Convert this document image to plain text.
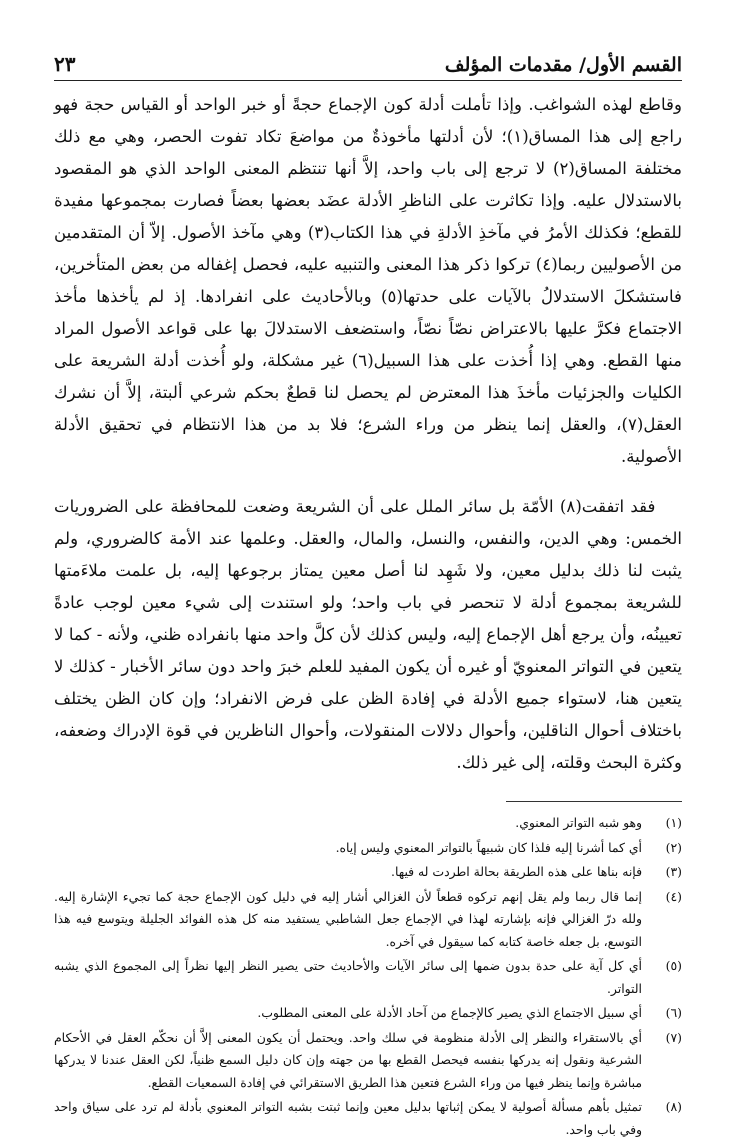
القسم الأول/ مقدمات المؤلف
٢٣

وقاطع لهذه الشواغب. وإذا تأملت أدلة كون الإجماع حجةً أو خبر الواحد أو القياس حجة فهو راجع إلى هذا المساق(١)؛ لأن أدلتها مأخوذةٌ من مواضعَ تكاد تفوت الحصر، وهي مع ذلك مختلفة المساق(٢) لا ترجع إلى باب واحد، إلاَّ أنها تنتظم المعنى الواحد الذي هو المقصود بالاستدلال عليه. وإذا تكاثرت على الناظرِ الأدلة عضَد بعضها بعضاً فصارت بمجموعها مفيدة للقطع؛ فكذلك الأمرُ في مآخذِ الأدلةِ في هذا الكتاب(٣) وهي مآخذ الأصول. إلاّ أن المتقدمين من الأصوليين ربما(٤) تركوا ذكر هذا المعنى والتنبيه عليه، فحصل إغفاله من بعض المتأخرين، فاستشكلَ الاستدلالُ بالآيات على حدتها(٥) وبالأحاديث على انفرادها. إذ لم يأخذها مأخذ الاجتماع فكرَّ عليها بالاعتراض نصّاً نصّاً، واستضعف الاستدلالَ بها على قواعد الأصول المراد منها القطع. وهي إذا أُخذت على هذا السبيل(٦) غير مشكلة، ولو أُخذت أدلة الشريعة على الكليات والجزئيات مأخذَ هذا المعترض لم يحصل لنا قطعٌ بحكم شرعي ألبتة، إلاَّ أن نشرك العقل(٧)، والعقل إنما ينظر من وراء الشرع؛ فلا بد من هذا الانتظام في تحقيق الأدلة الأصولية.

فقد اتفقت(٨) الأمّة بل سائر الملل على أن الشريعة وضعت للمحافظة على الضروريات الخمس: وهي الدين، والنفس، والنسل، والمال، والعقل. وعلمها عند الأمة كالضروري، ولم يثبت لنا ذلك بدليل معين، ولا شَهِد لنا أصل معين يمتاز برجوعها إليه، بل علمت ملاءَمتها للشريعة بمجموع أدلة لا تنحصر في باب واحد؛ ولو استندت إلى شيء معين لوجب عادةً تعيينُه، وأن يرجع أهل الإجماع إليه، وليس كذلك لأن كلَّ واحد منها بانفراده ظني، ولأنه - كما لا يتعين في التواتر المعنويّ أو غيره أن يكون المفيد للعلم خبرَ واحد دون سائر الأخبار - كذلك لا يتعين هنا، لاستواء جميع الأدلة في إفادة الظن على فرض الانفراد؛ وإن كان الظن يختلف باختلاف أحوال الناقلين، وأحوال دلالات المنقولات، وأحوال الناظرين في قوة الإدراك وضعفه، وكثرة البحث وقلته، إلى غير ذلك.

(١)
وهو شبه التواتر المعنوي.
(٢)
أي كما أشرنا إليه فلذا كان شبيهاً بالتواتر المعنوي وليس إياه.
(٣)
فإنه بناها على هذه الطريقة بحالة اطردت له فيها.
(٤)
إنما قال ربما ولم يقل إنهم تركوه قطعاً لأن الغزالي أشار إليه في دليل كون الإجماع حجة كما تجيء الإشارة إليه. ولله درّ الغزالي فإنه بإشارته لهذا في الإجماع جعل الشاطبي يستفيد منه كل هذه الفوائد الجليلة ويتوسع فيه هذا التوسع، بل جعله خاصة كتابه كما سيقول في آخره.
(٥)
أي كل آية على حدة بدون ضمها إلى سائر الآيات والأحاديث حتى يصير النظر إليها نظراً إلى المجموع الذي يشبه التواتر.
(٦)
أي سبيل الاجتماع الذي يصير كالإجماع من آحاد الأدلة على المعنى المطلوب.
(٧)
أي بالاستقراء والنظر إلى الأدلة منظومة في سلك واحد. ويحتمل أن يكون المعنى إلاَّ أن نحكّم العقل في الأحكام الشرعية ونقول إنه يدركها بنفسه فيحصل القطع بها من جهته وإن كان دليل السمع ظنياً، لكن العقل عندنا لا يدركها مباشرة وإنما ينظر فيها من وراء الشرع فتعين هذا الطريق الاستقرائي في إفادة السمعيات القطع.
(٨)
تمثيل بأهم مسألة أصولية لا يمكن إثباتها بدليل معين وإنما ثبتت بشبه التواتر المعنوي بأدلة لم ترد على سياق واحد وفي باب واحد.
